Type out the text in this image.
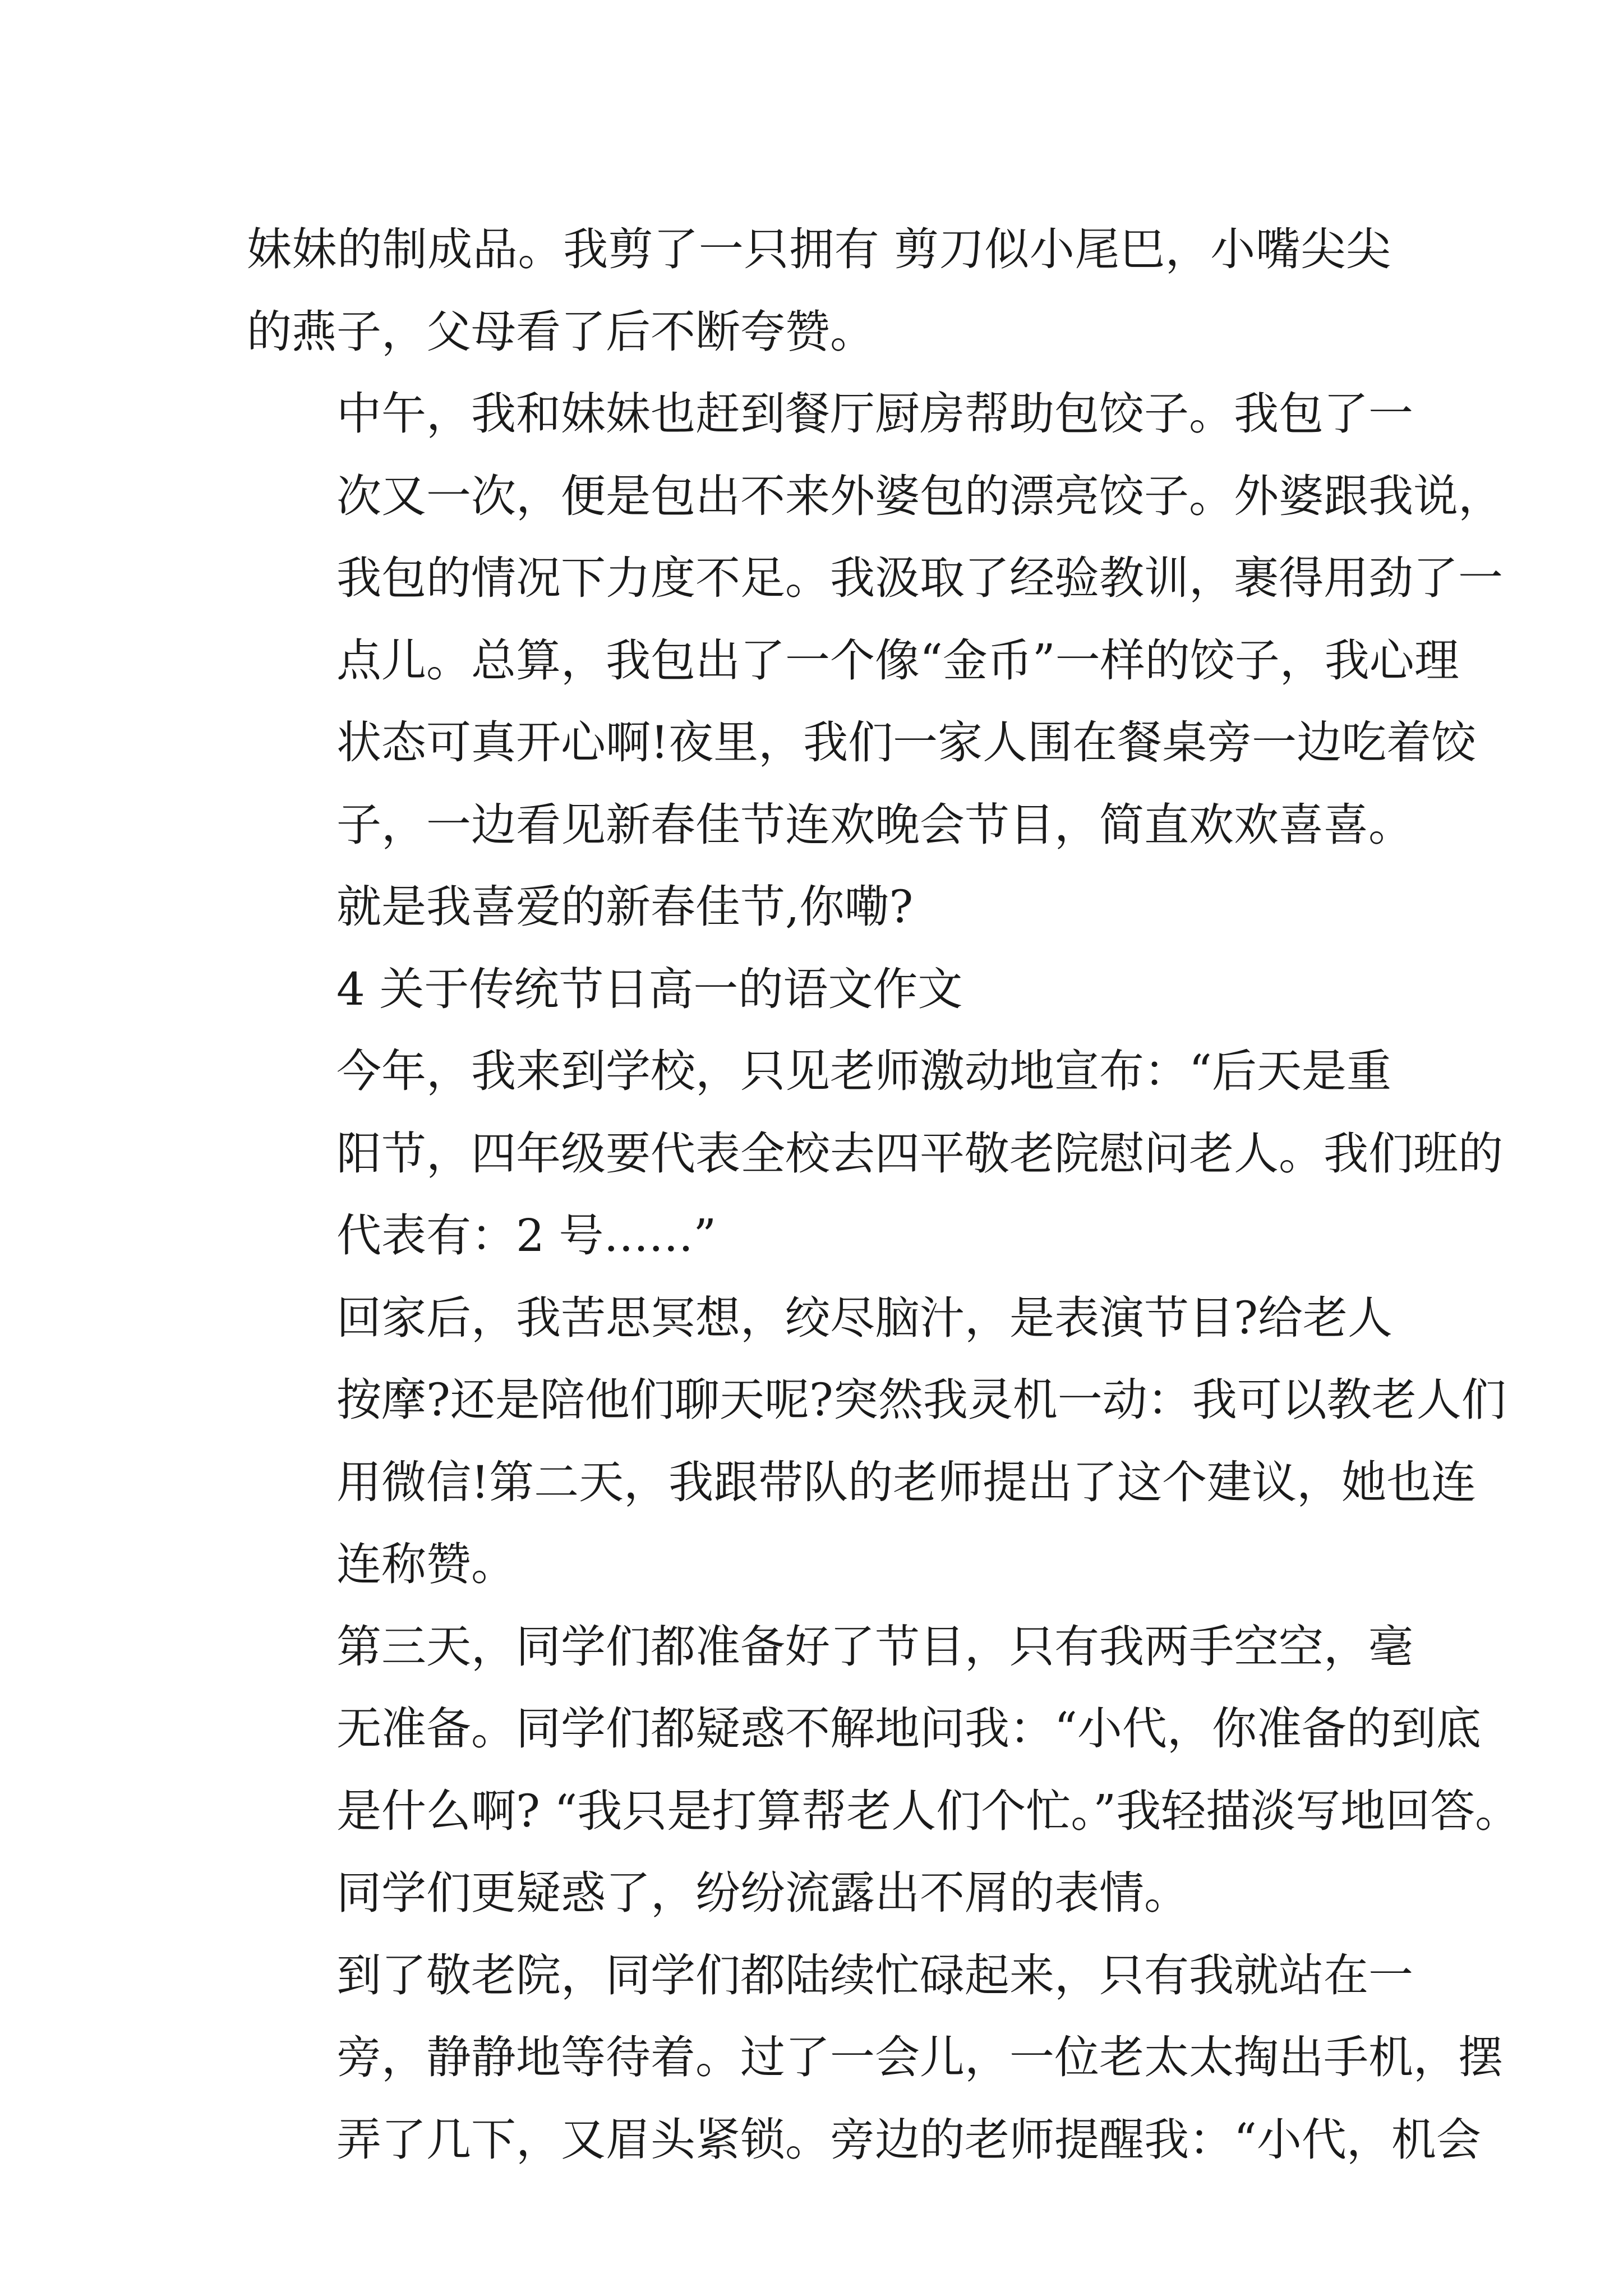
妹妹的制成品。我剪了一只拥有 剪刀似小尾巴，小嘴尖尖
的燕子，父母看了后不断夸赞。
中午，我和妹妹也赶到餐厅厨房帮助包饺子。我包了一
次又一次，便是包出不来外婆包的漂亮饺子。外婆跟我说，
我包的情况下力度不足。我汲取了经验教训，裹得用劲了一
点儿。总算，我包出了一个像“金币”一样的饺子，我心理
状态可真开心啊!夜里，我们一家人围在餐桌旁一边吃着饺
子，一边看见新春佳节连欢晚会节目，简直欢欢喜喜。
就是我喜爱的新春佳节,你嘞?
4 关于传统节日高一的语文作文
今年，我来到学校，只见老师激动地宣布：“后天是重
阳节，四年级要代表全校去四平敬老院慰问老人。我们班的
代表有：2 号……”
回家后，我苦思冥想，绞尽脑汁，是表演节目?给老人
按摩?还是陪他们聊天呢?突然我灵机一动：我可以教老人们
用微信!第二天，我跟带队的老师提出了这个建议，她也连
连称赞。
第三天，同学们都准备好了节目，只有我两手空空，毫
无准备。同学们都疑惑不解地问我：“小代，你准备的到底
是什么啊? “我只是打算帮老人们个忙。”我轻描淡写地回答。
同学们更疑惑了，纷纷流露出不屑的表情。
到了敬老院，同学们都陆续忙碌起来，只有我就站在一
旁，静静地等待着。过了一会儿，一位老太太掏出手机，摆
弄了几下，又眉头紧锁。旁边的老师提醒我：“小代，机会
